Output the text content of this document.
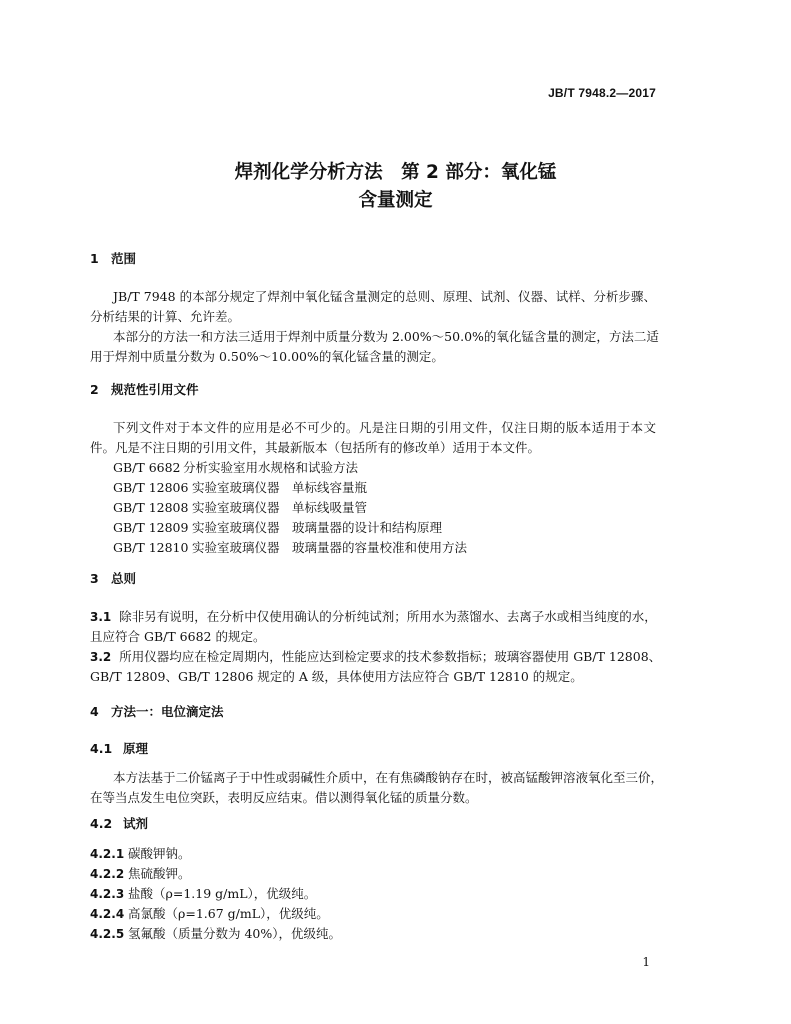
JB/T 7948.2—2017
焊剂化学分析方法　第 2 部分：氧化锰
含量测定
1 范围
JB/T 7948 的本部分规定了焊剂中氧化锰含量测定的总则、原理、试剂、仪器、试样、分析步骤、
分析结果的计算、允许差。
本部分的方法一和方法三适用于焊剂中质量分数为 2.00%～50.0%的氧化锰含量的测定，方法二适
用于焊剂中质量分数为 0.50%～10.00%的氧化锰含量的测定。
2 规范性引用文件
下列文件对于本文件的应用是必不可少的。凡是注日期的引用文件，仅注日期的版本适用于本文
件。凡是不注日期的引用文件，其最新版本（包括所有的修改单）适用于本文件。
GB/T 6682 分析实验室用水规格和试验方法
GB/T 12806 实验室玻璃仪器　单标线容量瓶
GB/T 12808 实验室玻璃仪器　单标线吸量管
GB/T 12809 实验室玻璃仪器　玻璃量器的设计和结构原理
GB/T 12810 实验室玻璃仪器　玻璃量器的容量校准和使用方法
3 总则
3.1 除非另有说明，在分析中仅使用确认的分析纯试剂；所用水为蒸馏水、去离子水或相当纯度的水，
且应符合 GB/T 6682 的规定。
3.2 所用仪器均应在检定周期内，性能应达到检定要求的技术参数指标；玻璃容器使用 GB/T 12808、
GB/T 12809、GB/T 12806 规定的 A 级，具体使用方法应符合 GB/T 12810 的规定。
4 方法一：电位滴定法
4.1 原理
本方法基于二价锰离子于中性或弱碱性介质中，在有焦磷酸钠存在时，被高锰酸钾溶液氧化至三价，
在等当点发生电位突跃，表明反应结束。借以测得氧化锰的质量分数。
4.2 试剂
4.2.1 碳酸钾钠。
4.2.2 焦硫酸钾。
4.2.3 盐酸（ρ=1.19 g/mL），优级纯。
4.2.4 高氯酸（ρ=1.67 g/mL），优级纯。
4.2.5 氢氟酸（质量分数为 40%），优级纯。
1
